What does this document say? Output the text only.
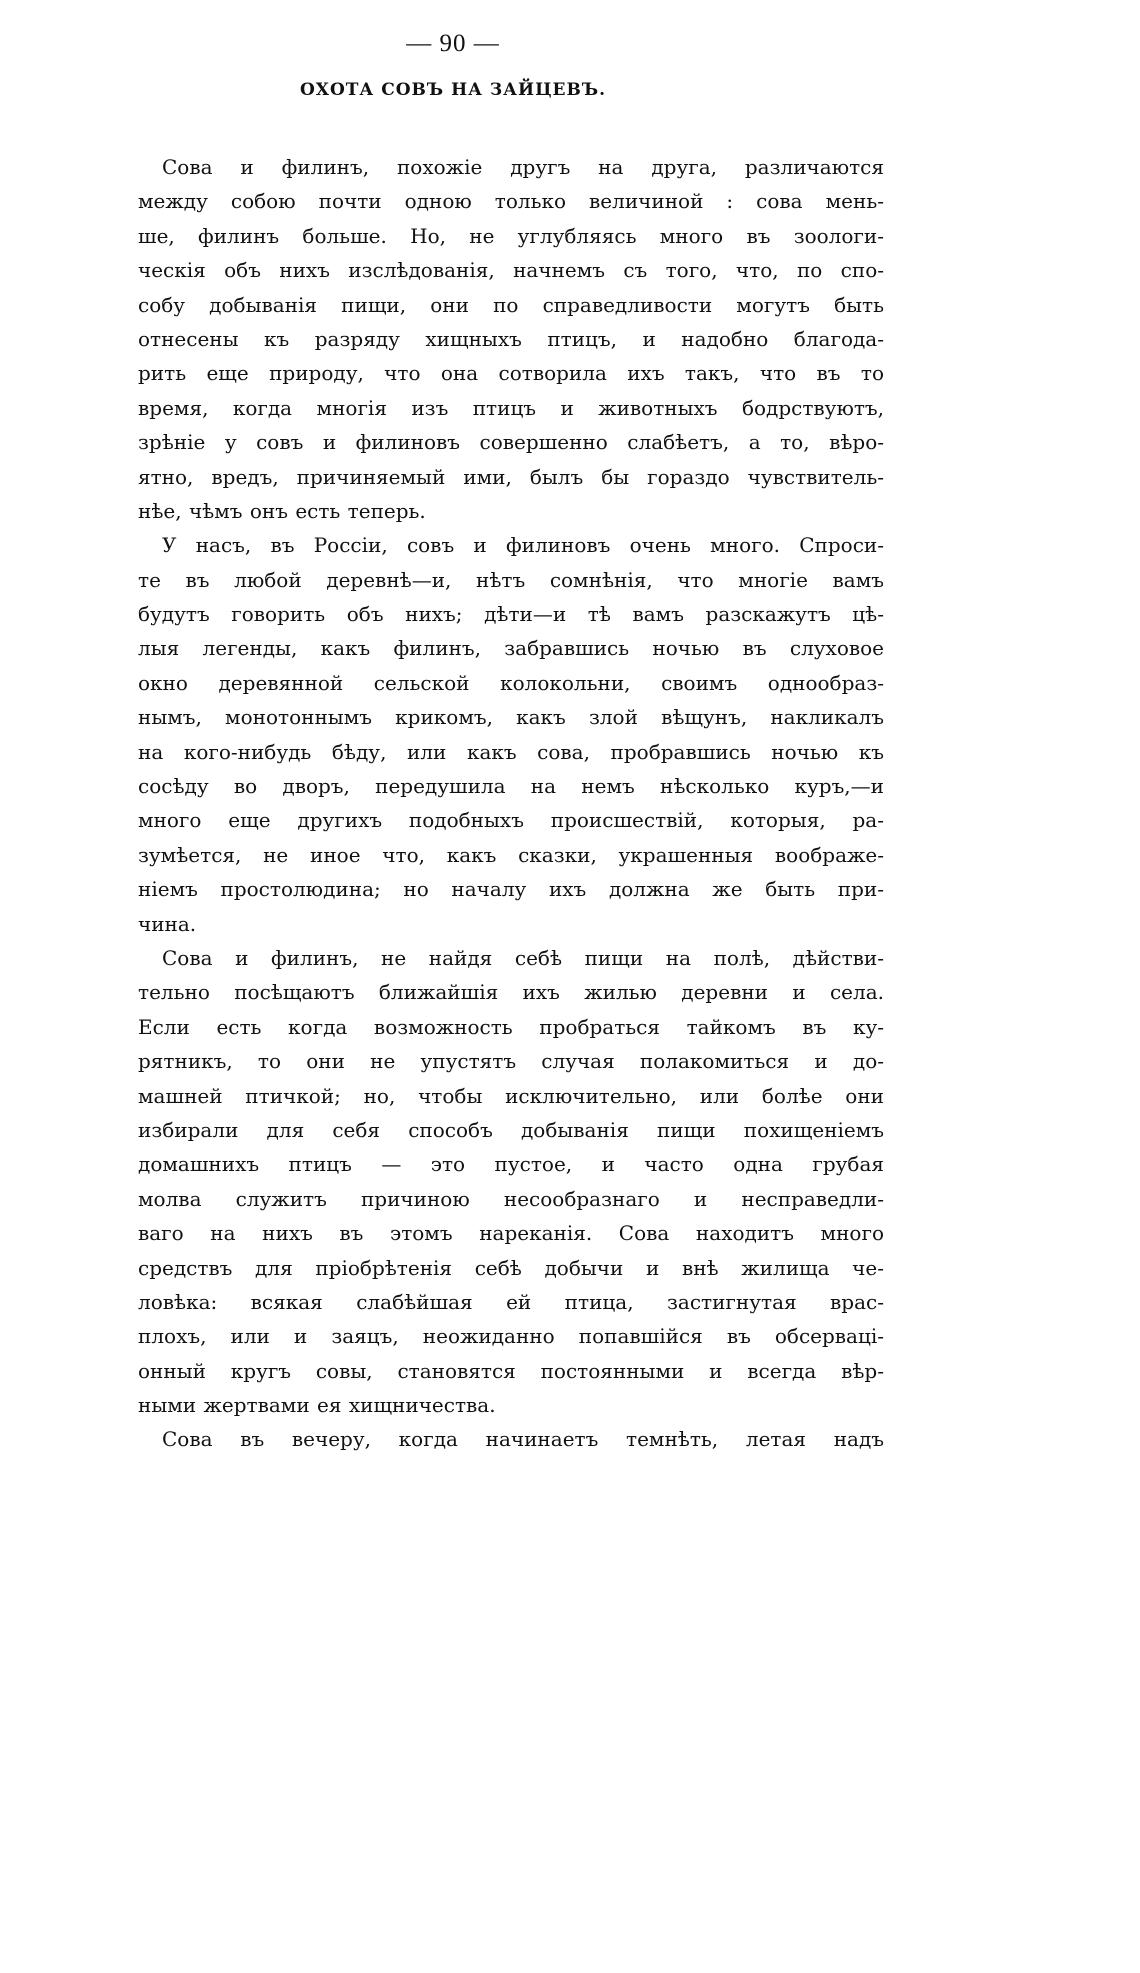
— 90 —
ОХОТА СОВЪ НА ЗАЙЦЕВЪ.
Сова и филинъ, похожіе другъ на друга, различаются
между собою почти одною только величиной : сова мень-
ше, филинъ больше. Но, не углубляясь много въ зоологи-
ческія объ нихъ изслѣдованія, начнемъ съ того, что, по спо-
собу добыванія пищи, они по справедливости могутъ быть
отнесены къ разряду хищныхъ птицъ, и надобно благода-
рить еще природу, что она сотворила ихъ такъ, что въ то
время, когда многія изъ птицъ и животныхъ бодрствуютъ,
зрѣніе у совъ и филиновъ совершенно слабѣетъ, а то, вѣро-
ятно, вредъ, причиняемый ими, былъ бы гораздо чувствитель-
нѣе, чѣмъ онъ есть теперь.
У насъ, въ Россіи, совъ и филиновъ очень много. Спроси-
те въ любой деревнѣ—и, нѣтъ сомнѣнія, что многіе вамъ
будутъ говорить объ нихъ; дѣти—и тѣ вамъ разскажутъ цѣ-
лыя легенды, какъ филинъ, забравшись ночью въ слуховое
окно деревянной сельской колокольни, своимъ однообраз-
нымъ, монотоннымъ крикомъ, какъ злой вѣщунъ, накликалъ
на кого-нибудь бѣду, или какъ сова, пробравшись ночью къ
сосѣду во дворъ, передушила на немъ нѣсколько куръ,—и
много еще другихъ подобныхъ происшествій, которыя, ра-
зумѣется, не иное что, какъ сказки, украшенныя воображе-
ніемъ простолюдина; но началу ихъ должна же быть при-
чина.
Сова и филинъ, не найдя себѣ пищи на полѣ, дѣйстви-
тельно посѣщаютъ ближайшія ихъ жилью деревни и села.
Если есть когда возможность пробраться тайкомъ въ ку-
рятникъ, то они не упустятъ случая полакомиться и до-
машней птичкой; но, чтобы исключительно, или болѣе они
избирали для себя способъ добыванія пищи похищеніемъ
домашнихъ птицъ — это пустое, и часто одна грубая
молва служитъ причиною несообразнаго и несправедли-
ваго на нихъ въ этомъ нареканія. Сова находитъ много
средствъ для пріобрѣтенія себѣ добычи и внѣ жилища че-
ловѣка: всякая слабѣйшая ей птица, застигнутая врас-
плохъ, или и заяцъ, неожиданно попавшійся въ обсерваці-
онный кругъ совы, становятся постоянными и всегда вѣр-
ными жертвами ея хищничества.
Сова въ вечеру, когда начинаетъ темнѣть, летая надъ
